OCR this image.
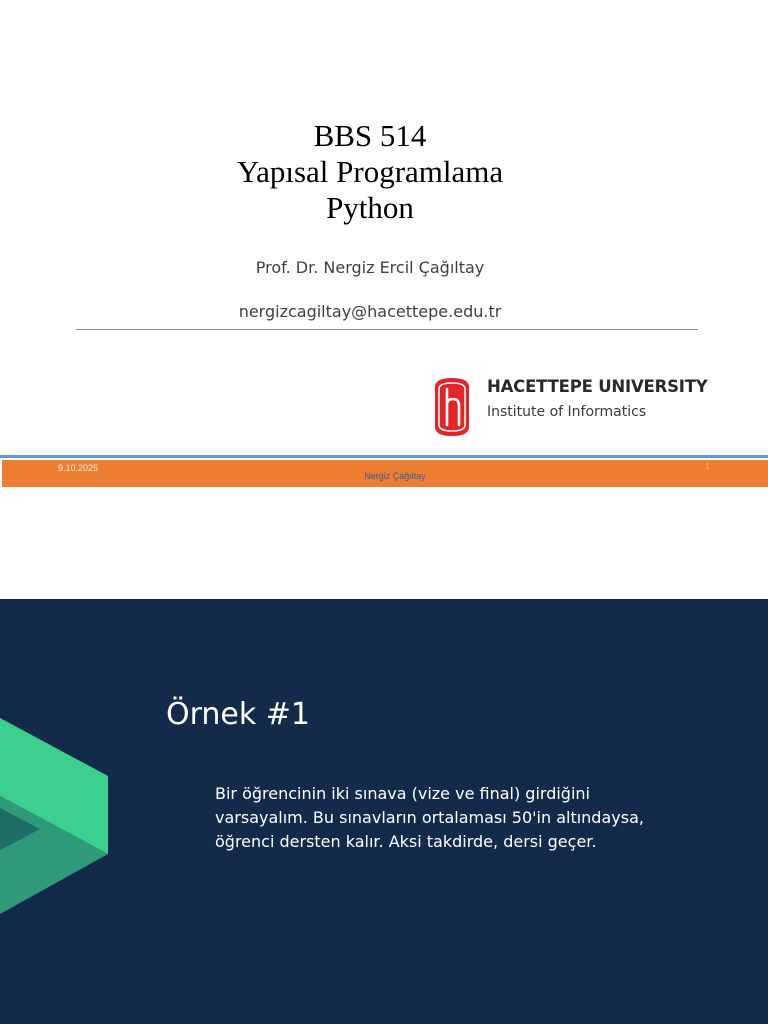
BBS 514
Yapısal Programlama
Python
Prof. Dr. Nergiz Ercil Çağıltay
nergizcagiltay@hacettepe.edu.tr
HACETTEPE UNIVERSITY
Institute of Informatics
9.10.2025
Nergiz Çağıltay
1
Örnek #1
Bir öğrencinin iki sınava (vize ve final) girdiğini
varsayalım. Bu sınavların ortalaması 50'in altındaysa,
öğrenci dersten kalır. Aksi takdirde, dersi geçer.
